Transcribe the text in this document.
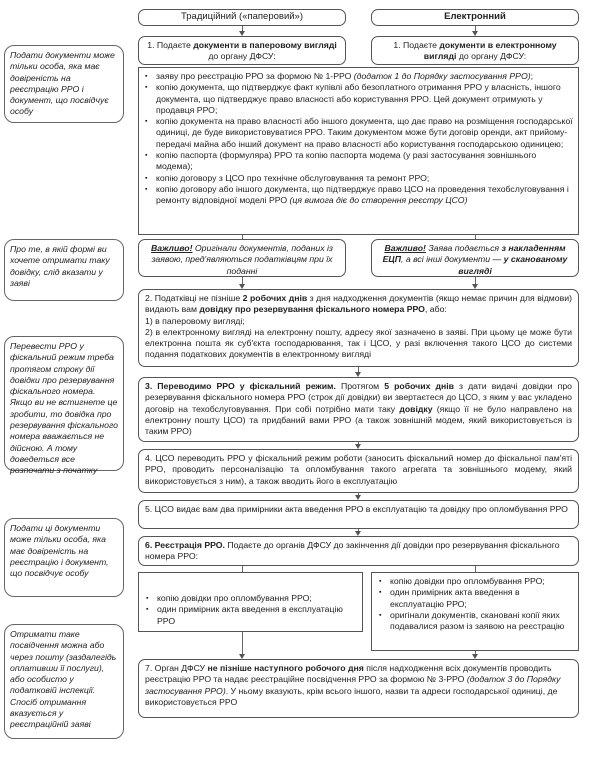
Традиційний («паперовий»)	Електронний
1. Подаєте документи в паперовому вигляді до органу ДФСУ:
1. Подаєте документи в електронному вигляді до органу ДФСУ:
▪ заяву про реєстрацію РРО за формою № 1-РРО (додаток 1 до Порядку застосування РРО);
▪ копію документа, що підтверджує факт купівлі або безоплатного отримання РРО у власність, іншого документа, що підтверджує право власності або користування РРО. Цей документ отримують у продавця РРО;
▪ копію документа на право власності або іншого документа, що дає право на розміщення господарської одиниці, де буде використовуватися РРО. Таким документом може бути договір оренди, акт прийому-передачі майна або інший документ на право власності або користування господарською одиницею;
▪ копію паспорта (формуляра) РРО та копію паспорта модема (у разі застосування зовнішнього модема);
▪ копію договору з ЦСО про технічне обслуговування та ремонт РРО;
▪ копію договору або іншого документа, що підтверджує право ЦСО на проведення техобслуговування і ремонту відповідної моделі РРО (ця вимога діє до створення реєстру ЦСО)
Важливо! Оригінали документів, поданих із заявою, пред'являються податківцям при їх поданні
Важливо! Заява подається з накладенням ЕЦП, а всі інші документи — у сканованому вигляді
2. Податківці не пізніше 2 робочих днів з дня надходження документів (якщо немає причин для відмови) видають вам довідку про резервування фіскального номера РРО, або:
1) в паперовому вигляді;
2) в електронному вигляді на електронну пошту, адресу якої зазначено в заяві. При цьому це може бути електронна пошта як суб'єкта господарювання, так і ЦСО, у разі включення такого ЦСО до системи подання податкових документів в електронному вигляді
3. Переводимо РРО у фіскальний режим. Протягом 5 робочих днів з дати видачі довідки про резервування фіскального номера РРО (строк дії довідки) ви звертаєтеся до ЦСО, з яким у вас укладено договір на техобслуговування. При собі потрібно мати таку довідку (якщо її не було направлено на електронну пошту ЦСО) та придбаний вами РРО (а також зовнішній модем, який використовується із таким РРО)
4. ЦСО переводить РРО у фіскальний режим роботи (заносить фіскальний номер до фіскальної пам'яті РРО, проводить персоналізацію та опломбування такого агрегата та зовнішнього модему, який використовується з ним), а також вводить його в експлуатацію
5. ЦСО видає вам два примірники акта введення РРО в експлуатацію та довідку про опломбування РРО
6. Реєстрація РРО. Подаєте до органів ДФСУ до закінчення дії довідки про резервування фіскального номера РРО:
▪ копію довідки про опломбування РРО;
▪ один примірник акта введення в експлуатацію РРО
▪ копію довідки про опломбування РРО;
▪ один примірник акта введення в експлуатацію РРО;
▪ оригінали документів, скановані копії яких подавалися разом із заявою на реєстрацію
7. Орган ДФСУ не пізніше наступного робочого дня після надходження всіх документів проводить реєстрацію РРО та надає реєстраційне посвідчення РРО за формою № 3-РРО (додаток 3 до Порядку застосування РРО). У ньому вказують, крім всього іншого, назви та адреси господарської одиниці, де використовується РРО
Подати документи може тільки особа, яка має довіреність на реєстрацію РРО і документ, що посвідчує особу
Про те, в якій формі ви хочете отримати таку довідку, слід вказати у заяві
Перевести РРО у фіскальний режим треба протягом строку дії довідки про резервування фіскального номера. Якщо ви не встигнете це зробити, то довідка про резервування фіскального номера вважається не дійсною. А тому доведеться все розпочати з початку
Подати ці документи може тільки особа, яка має довіреність на реєстрацію і документ, що посвідчує особу
Отримати таке посвідчення можна або через пошту (заздалегідь оплативши її послуги), або особисто у податковій інспекції. Спосіб отримання вказується у реєстраційній заяві
